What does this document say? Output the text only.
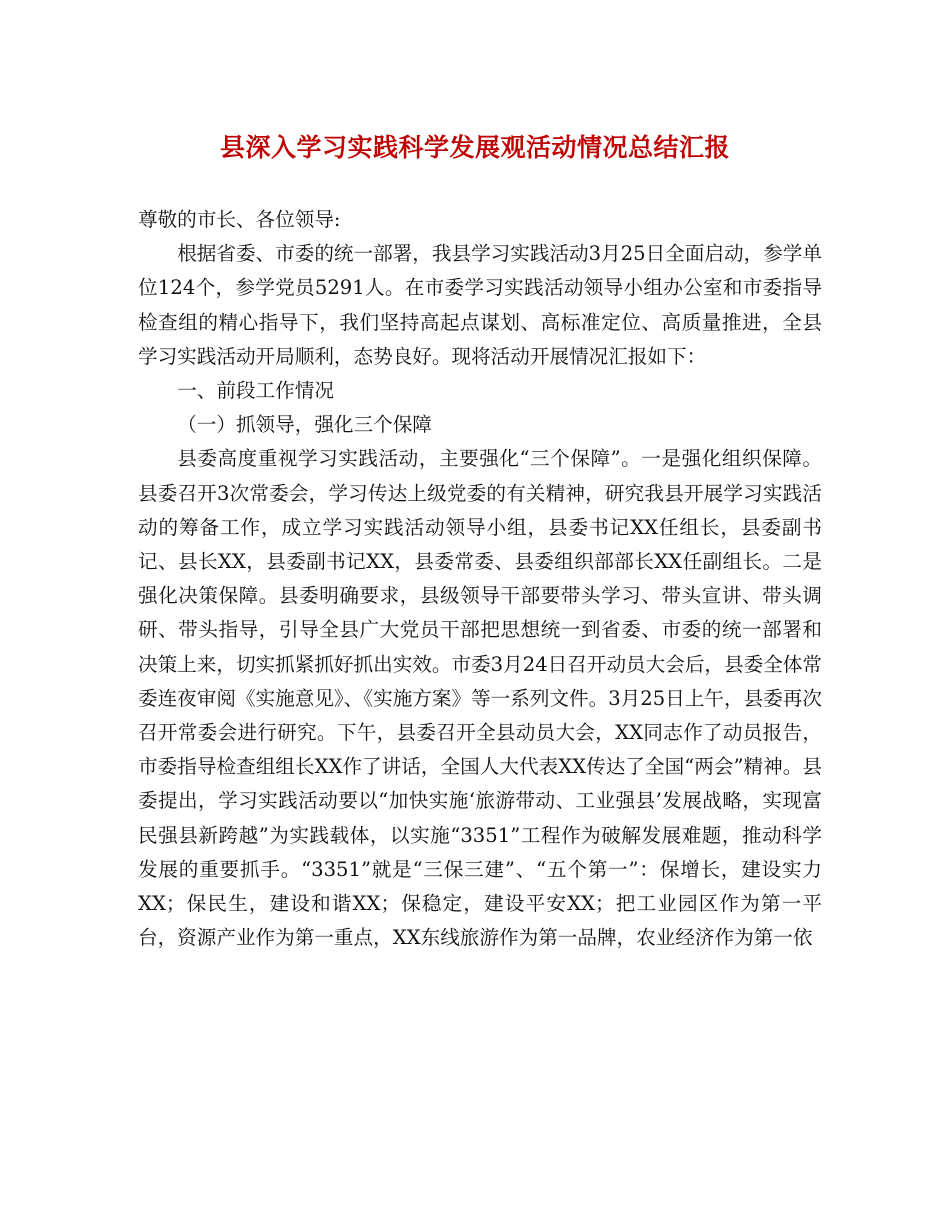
县深入学习实践科学发展观活动情况总结汇报

尊敬的市长、各位领导:

根据省委、市委的统一部署，我县学习实践活动3月25日全面启动，参学单位124个，参学党员5291人。在市委学习实践活动领导小组办公室和市委指导检查组的精心指导下，我们坚持高起点谋划、高标准定位、高质量推进，全县学习实践活动开局顺利，态势良好。现将活动开展情况汇报如下：

一、前段工作情况

（一）抓领导，强化三个保障

县委高度重视学习实践活动，主要强化“三个保障”。一是强化组织保障。县委召开3次常委会，学习传达上级党委的有关精神，研究我县开展学习实践活动的筹备工作，成立学习实践活动领导小组，县委书记XX任组长，县委副书记、县长XX，县委副书记XX，县委常委、县委组织部部长XX任副组长。二是强化决策保障。县委明确要求，县级领导干部要带头学习、带头宣讲、带头调研、带头指导，引导全县广大党员干部把思想统一到省委、市委的统一部署和决策上来，切实抓紧抓好抓出实效。市委3月24日召开动员大会后，县委全体常委连夜审阅《实施意见》、《实施方案》等一系列文件。3月25日上午，县委再次召开常委会进行研究。下午，县委召开全县动员大会，XX同志作了动员报告，市委指导检查组组长XX作了讲话，全国人大代表XX传达了全国“两会”精神。县委提出，学习实践活动要以“加快实施‘旅游带动、工业强县’发展战略，实现富民强县新跨越”为实践载体，以实施“3351”工程作为破解发展难题，推动科学发展的重要抓手。“3351”就是“三保三建”、“五个第一”：保增长，建设实力XX；保民生，建设和谐XX；保稳定，建设平安XX；把工业园区作为第一平台，资源产业作为第一重点，XX东线旅游作为第一品牌，农业经济作为第一依
